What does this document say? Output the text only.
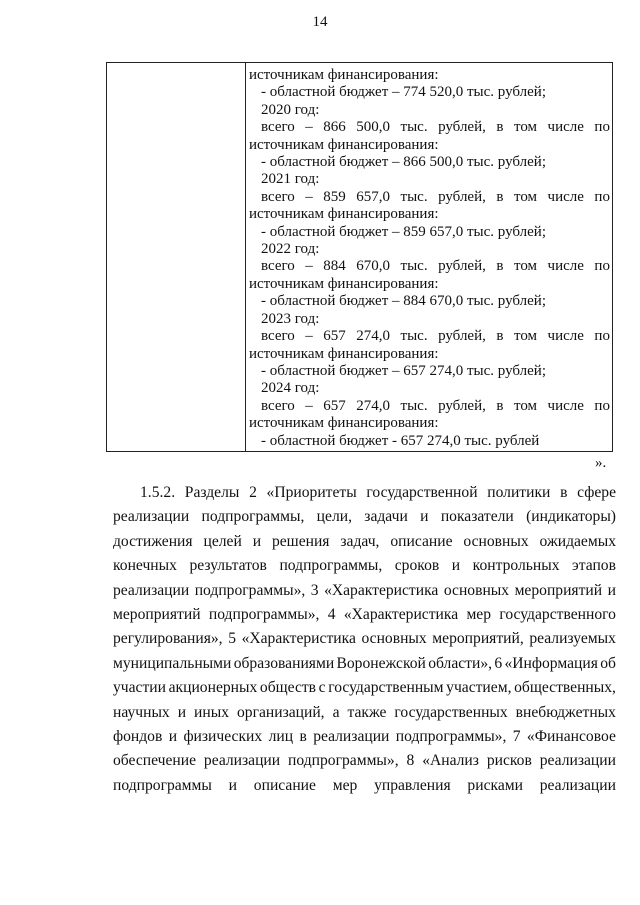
14
источникам финансирования:
- областной бюджет – 774 520,0 тыс. рублей;
2020 год:
всего – 866 500,0 тыс. рублей, в том числе по
источникам финансирования:
- областной бюджет – 866 500,0 тыс. рублей;
2021 год:
всего – 859 657,0 тыс. рублей, в том числе по
источникам финансирования:
- областной бюджет – 859 657,0 тыс. рублей;
2022 год:
всего – 884 670,0 тыс. рублей, в том числе по
источникам финансирования:
- областной бюджет – 884 670,0 тыс. рублей;
2023 год:
всего – 657 274,0 тыс. рублей, в том числе по
источникам финансирования:
- областной бюджет – 657 274,0 тыс. рублей;
2024 год:
всего – 657 274,0 тыс. рублей, в том числе по
источникам финансирования:
- областной бюджет - 657 274,0 тыс. рублей
».
1.5.2. Разделы 2 «Приоритеты государственной политики в сфере
реализации подпрограммы, цели, задачи и показатели (индикаторы)
достижения целей и решения задач, описание основных ожидаемых
конечных результатов подпрограммы, сроков и контрольных этапов
реализации подпрограммы», 3 «Характеристика основных мероприятий и
мероприятий подпрограммы», 4 «Характеристика мер государственного
регулирования», 5 «Характеристика основных мероприятий, реализуемых
муниципальными образованиями Воронежской области», 6 «Информация об
участии акционерных обществ с государственным участием, общественных,
научных и иных организаций, а также государственных внебюджетных
фондов и физических лиц в реализации подпрограммы», 7 «Финансовое
обеспечение реализации подпрограммы», 8 «Анализ рисков реализации
подпрограммы и описание мер управления рисками реализации
